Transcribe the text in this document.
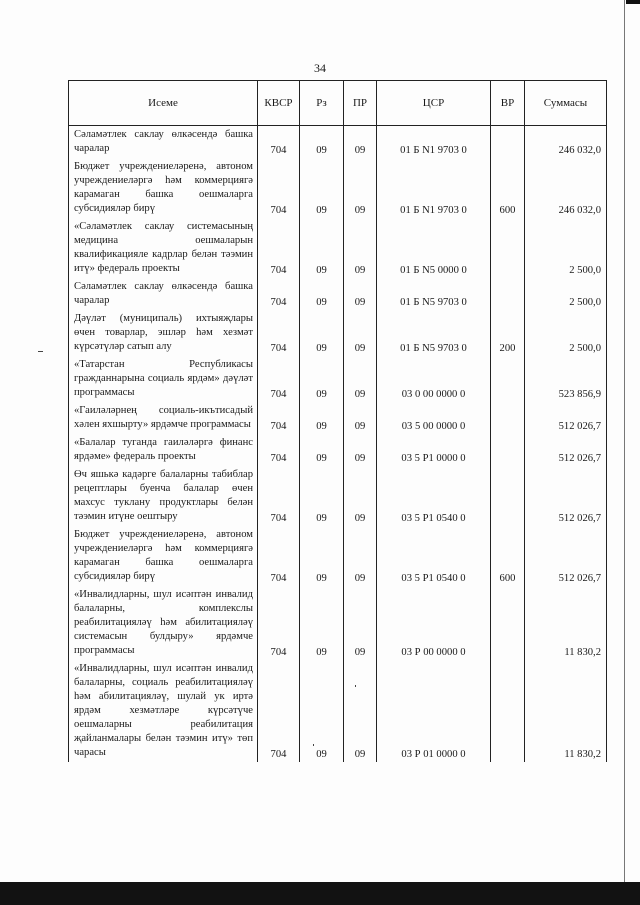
34
Исеме	КВСР	Рз	ПР	ЦСР	ВР	Суммасы
Сәламәтлек саклау өлкәсендә башка чаралар	704	09	09	01 Б N1 9703 0		246 032,0
Бюджет учреждениеләренә, автоном учреждениеләргә һәм коммерциягә карамаган башка оешмаларга субсидияләр бирү	704	09	09	01 Б N1 9703 0	600	246 032,0
«Сәламәтлек саклау системасының медицина оешмаларын квалификацияле кадрлар белән тәэмин итү» федераль проекты	704	09	09	01 Б N5 0000 0		2 500,0
Сәламәтлек саклау өлкәсендә башка чаралар	704	09	09	01 Б N5 9703 0		2 500,0
Дәүләт (муниципаль) ихтыяҗлары өчен товарлар, эшләр һәм хезмәт күрсәтүләр сатып алу	704	09	09	01 Б N5 9703 0	200	2 500,0
«Татарстан Республикасы гражданнарына социаль ярдәм» дәүләт программасы	704	09	09	03 0 00 0000 0		523 856,9
«Гаиләләрнең социаль-икътисадый хәлен яхшырту» ярдәмче программасы	704	09	09	03 5 00 0000 0		512 026,7
«Балалар туганда гаиләләргә финанс ярдәме» федераль проекты	704	09	09	03 5 P1 0000 0		512 026,7
Өч яшькә кадәрге балаларны табиблар рецептлары буенча балалар өчен махсус туклану продуктлары белән тәэмин итүне оештыру	704	09	09	03 5 P1 0540 0		512 026,7
Бюджет учреждениеләренә, автоном учреждениеләргә һәм коммерциягә карамаган башка оешмаларга субсидияләр бирү	704	09	09	03 5 P1 0540 0	600	512 026,7
«Инвалидларны, шул исәптән инвалид балаларны, комплекслы реабилитацияләү һәм абилитацияләү системасын булдыру» ярдәмче программасы	704	09	09	03 Р 00 0000 0		11 830,2
«Инвалидларны, шул исәптән инвалид балаларны, социаль реабилитацияләү һәм абилитацияләү, шулай ук иртә ярдәм хезмәтләре күрсәтүче оешмаларны реабилитация җайланмалары белән тәэмин итү» төп чарасы	704	09	09	03 Р 01 0000 0		11 830,2
